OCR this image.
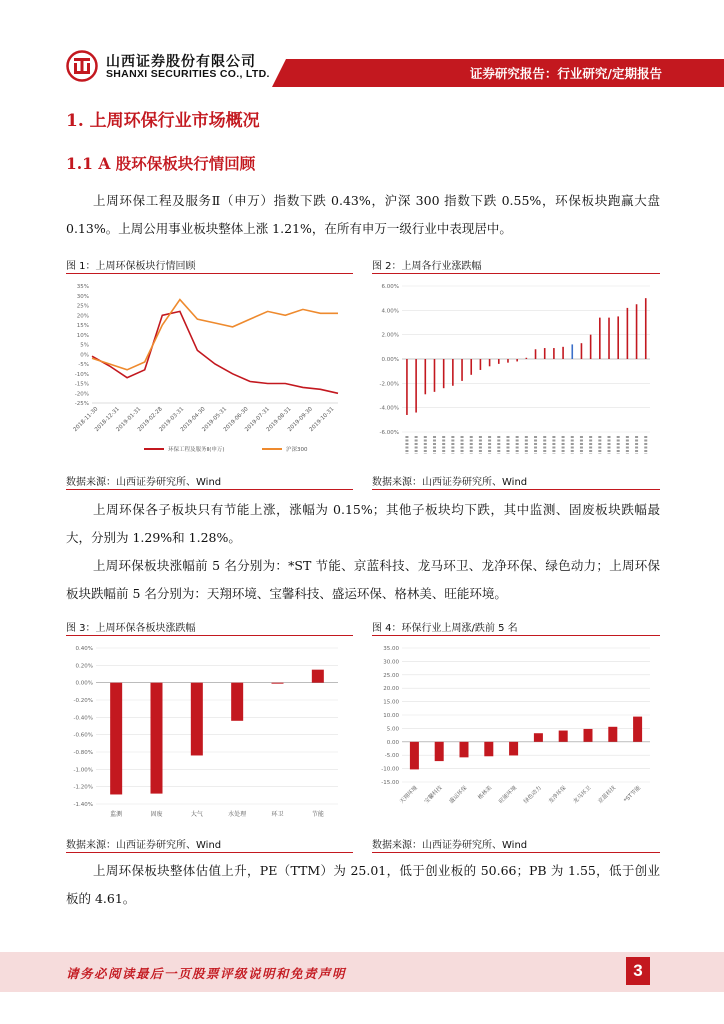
山西证券股份有限公司
SHANXI SECURITIES CO., LTD.	证券研究报告：行业研究/定期报告
1. 上周环保行业市场概况
1.1 A 股环保板块行情回顾
上周环保工程及服务Ⅱ（申万）指数下跌 0.43%，沪深 300 指数下跌 0.55%，环保板块跑赢大盘 0.13%。上周公用事业板块整体上涨 1.21%，在所有申万一级行业中表现居中。
图 1：上周环保板块行情回顾	图 2：上周各行业涨跌幅
35%
30%
25%
20%
15%
10%
5%
0%
-5%
-10%
-15%
-20%
-25%
2018-11-30
2018-12-31
2019-01-31
2019-02-28
2019-03-31
2019-04-30
2019-05-31
2019-06-30
2019-07-31
2019-08-31
2019-09-30
2019-10-31
环保工程及服务Ⅱ(申万)	沪深300
6.00%
4.00%
2.00%
0.00%
-2.00%
-4.00%
-6.00%
数据来源：山西证券研究所、Wind	数据来源：山西证券研究所、Wind
上周环保各子板块只有节能上涨，涨幅为 0.15%；其他子板块均下跌，其中监测、固废板块跌幅最大，分别为 1.29%和 1.28%。
上周环保板块涨幅前 5 名分别为：*ST 节能、京蓝科技、龙马环卫、龙净环保、绿色动力；上周环保板块跌幅前 5 名分别为：天翔环境、宝馨科技、盛运环保、格林美、旺能环境。
图 3：上周环保各板块涨跌幅	图 4：环保行业上周涨/跌前 5 名
0.40%
0.20%
0.00%
-0.20%
-0.40%
-0.60%
-0.80%
-1.00%
-1.20%
-1.40%
监测	固废	大气	水处理	环卫	节能
35.00
30.00
25.00
20.00
15.00
10.00
5.00
0.00
-5.00
-10.00
-15.00
天翔环境 宝馨科技 盛运环保 格林美 旺能环境 绿色动力 龙净环保 龙马环卫 京蓝科技 *ST节能
数据来源：山西证券研究所、Wind	数据来源：山西证券研究所、Wind
上周环保板块整体估值上升，PE（TTM）为 25.01，低于创业板的 50.66；PB 为 1.55，低于创业板的 4.61。
请务必阅读最后一页股票评级说明和免责声明	3
